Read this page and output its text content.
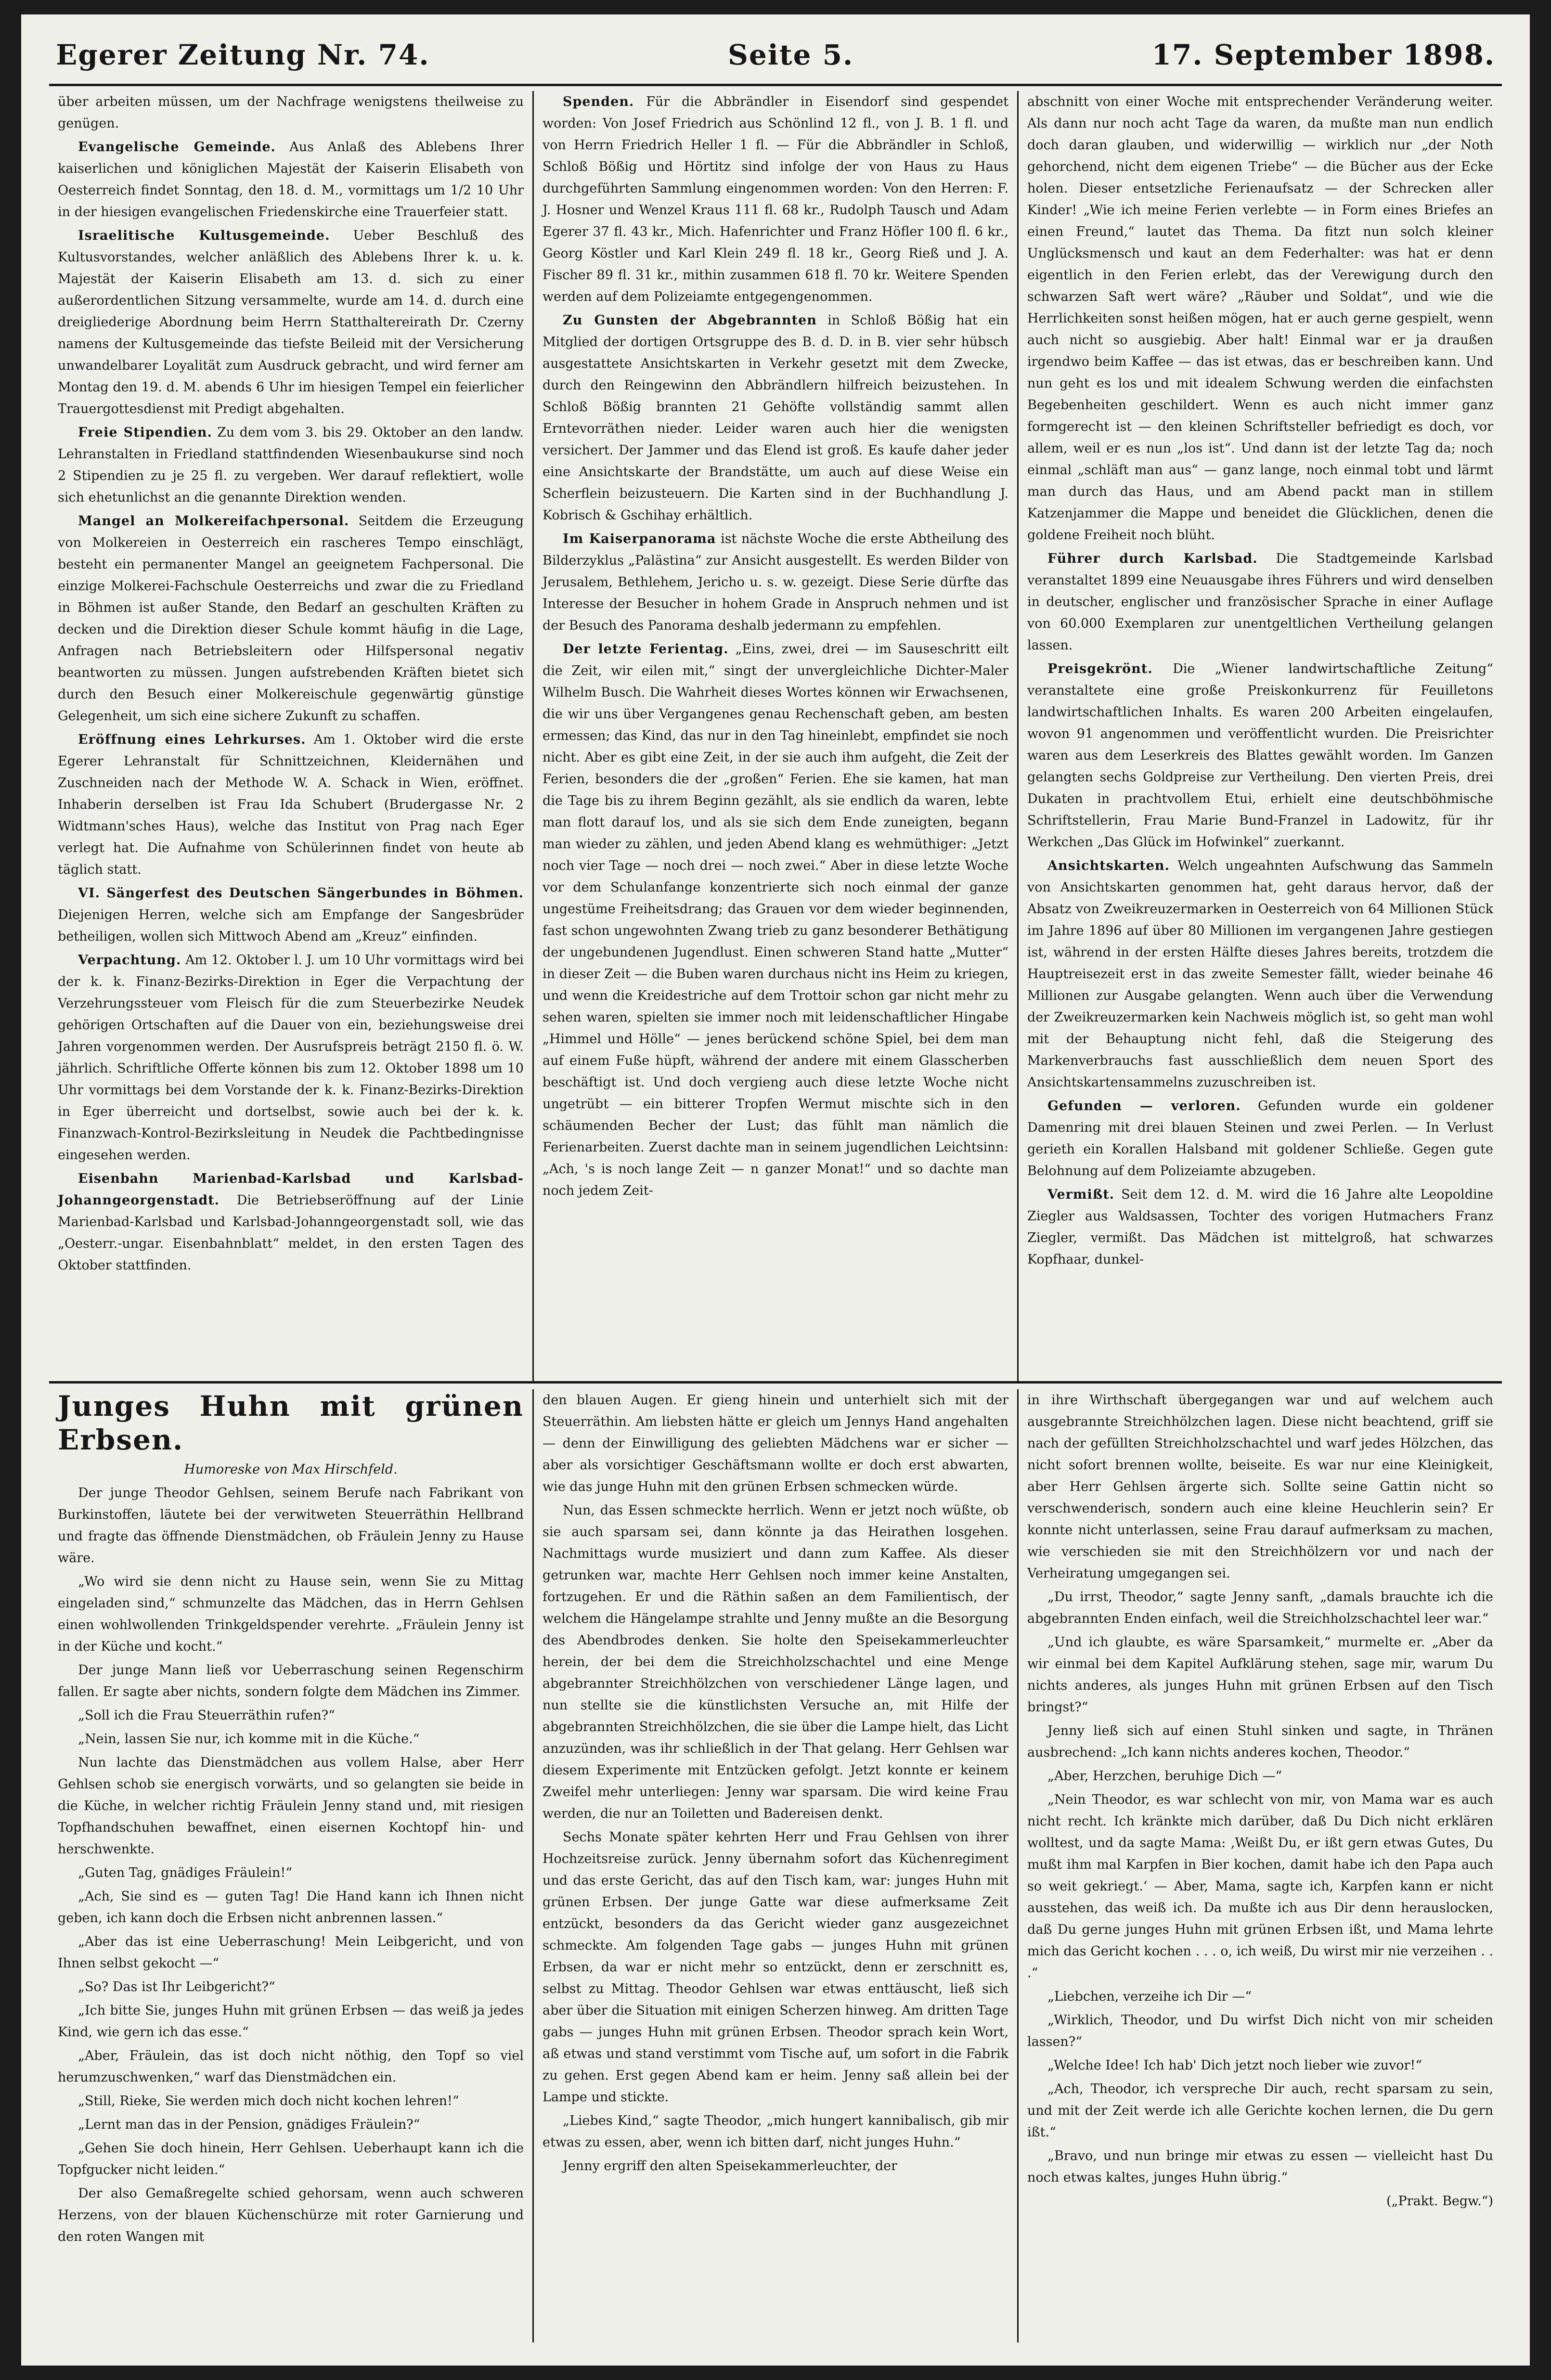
Egerer Zeitung Nr. 74.	Seite 5.	17. September 1898.

über arbeiten müssen, um der Nachfrage wenigstens theilweise zu genügen.

Evangelische Gemeinde. Aus Anlaß des Ablebens Ihrer kaiserlichen und königlichen Majestät der Kaiserin Elisabeth von Oesterreich findet Sonntag, den 18. d. M., vormittags um 1/2 10 Uhr in der hiesigen evangelischen Friedenskirche eine Trauerfeier statt.

Israelitische Kultusgemeinde. Ueber Beschluß des Kultusvorstandes, welcher anläßlich des Ablebens Ihrer k. u. k. Majestät der Kaiserin Elisabeth am 13. d. sich zu einer außerordentlichen Sitzung versammelte, wurde am 14. d. durch eine dreigliederige Abordnung beim Herrn Statthaltereirath Dr. Czerny namens der Kultusgemeinde das tiefste Beileid mit der Versicherung unwandelbarer Loyalität zum Ausdruck gebracht, und wird ferner am Montag den 19. d. M. abends 6 Uhr im hiesigen Tempel ein feierlicher Trauergottesdienst mit Predigt abgehalten.

Freie Stipendien. Zu dem vom 3. bis 29. Oktober an den landw. Lehranstalten in Friedland stattfindenden Wiesenbaukurse sind noch 2 Stipendien zu je 25 fl. zu vergeben. Wer darauf reflektiert, wolle sich ehetunlichst an die genannte Direktion wenden.

Mangel an Molkereifachpersonal. Seitdem die Erzeugung von Molkereien in Oesterreich ein rascheres Tempo einschlägt, besteht ein permanenter Mangel an geeignetem Fachpersonal. Die einzige Molkerei-Fachschule Oesterreichs und zwar die zu Friedland in Böhmen ist außer Stande, den Bedarf an geschulten Kräften zu decken und die Direktion dieser Schule kommt häufig in die Lage, Anfragen nach Betriebsleitern oder Hilfspersonal negativ beantworten zu müssen. Jungen aufstrebenden Kräften bietet sich durch den Besuch einer Molkereischule gegenwärtig günstige Gelegenheit, um sich eine sichere Zukunft zu schaffen.

Eröffnung eines Lehrkurses. Am 1. Oktober wird die erste Egerer Lehranstalt für Schnittzeichnen, Kleidernähen und Zuschneiden nach der Methode W. A. Schack in Wien, eröffnet. Inhaberin derselben ist Frau Ida Schubert (Brudergasse Nr. 2 Widtmann'sches Haus), welche das Institut von Prag nach Eger verlegt hat. Die Aufnahme von Schülerinnen findet von heute ab täglich statt.

VI. Sängerfest des Deutschen Sängerbundes in Böhmen. Diejenigen Herren, welche sich am Empfange der Sangesbrüder betheiligen, wollen sich Mittwoch Abend am „Kreuz“ einfinden.

Verpachtung. Am 12. Oktober l. J. um 10 Uhr vormittags wird bei der k. k. Finanz-Bezirks-Direktion in Eger die Verpachtung der Verzehrungssteuer vom Fleisch für die zum Steuerbezirke Neudek gehörigen Ortschaften auf die Dauer von ein, beziehungsweise drei Jahren vorgenommen werden. Der Ausrufspreis beträgt 2150 fl. ö. W. jährlich. Schriftliche Offerte können bis zum 12. Oktober 1898 um 10 Uhr vormittags bei dem Vorstande der k. k. Finanz-Bezirks-Direktion in Eger überreicht und dortselbst, sowie auch bei der k. k. Finanzwach-Kontrol-Bezirksleitung in Neudek die Pachtbedingnisse eingesehen werden.

Eisenbahn Marienbad-Karlsbad und Karlsbad-Johanngeorgenstadt. Die Betriebseröffnung auf der Linie Marienbad-Karlsbad und Karlsbad-Johanngeorgenstadt soll, wie das „Oesterr.-ungar. Eisenbahnblatt“ meldet, in den ersten Tagen des Oktober stattfinden.

Spenden. Für die Abbrändler in Eisendorf sind gespendet worden: Von Josef Friedrich aus Schönlind 12 fl., von J. B. 1 fl. und von Herrn Friedrich Heller 1 fl. — Für die Abbrändler in Schloß, Schloß Bößig und Hörtitz sind infolge der von Haus zu Haus durchgeführten Sammlung eingenommen worden: Von den Herren: F. J. Hosner und Wenzel Kraus 111 fl. 68 kr., Rudolph Tausch und Adam Egerer 37 fl. 43 kr., Mich. Hafenrichter und Franz Höfler 100 fl. 6 kr., Georg Köstler und Karl Klein 249 fl. 18 kr., Georg Rieß und J. A. Fischer 89 fl. 31 kr., mithin zusammen 618 fl. 70 kr. Weitere Spenden werden auf dem Polizeiamte entgegengenommen.

Zu Gunsten der Abgebrannten in Schloß Bößig hat ein Mitglied der dortigen Ortsgruppe des B. d. D. in B. vier sehr hübsch ausgestattete Ansichtskarten in Verkehr gesetzt mit dem Zwecke, durch den Reingewinn den Abbrändlern hilfreich beizustehen. In Schloß Bößig brannten 21 Gehöfte vollständig sammt allen Erntevorräthen nieder. Leider waren auch hier die wenigsten versichert. Der Jammer und das Elend ist groß. Es kaufe daher jeder eine Ansichtskarte der Brandstätte, um auch auf diese Weise ein Scherflein beizusteuern. Die Karten sind in der Buchhandlung J. Kobrisch & Gschihay erhältlich.

Im Kaiserpanorama ist nächste Woche die erste Abtheilung des Bilderzyklus „Palästina“ zur Ansicht ausgestellt. Es werden Bilder von Jerusalem, Bethlehem, Jericho u. s. w. gezeigt. Diese Serie dürfte das Interesse der Besucher in hohem Grade in Anspruch nehmen und ist der Besuch des Panorama deshalb jedermann zu empfehlen.

Der letzte Ferientag. „Eins, zwei, drei — im Sauseschritt eilt die Zeit, wir eilen mit,“ singt der unvergleichliche Dichter-Maler Wilhelm Busch. Die Wahrheit dieses Wortes können wir Erwachsenen, die wir uns über Vergangenes genau Rechenschaft geben, am besten ermessen; das Kind, das nur in den Tag hineinlebt, empfindet sie noch nicht. Aber es gibt eine Zeit, in der sie auch ihm aufgeht, die Zeit der Ferien, besonders die der „großen“ Ferien. Ehe sie kamen, hat man die Tage bis zu ihrem Beginn gezählt, als sie endlich da waren, lebte man flott darauf los, und als sie sich dem Ende zuneigten, begann man wieder zu zählen, und jeden Abend klang es wehmüthiger: „Jetzt noch vier Tage — noch drei — noch zwei.“ Aber in diese letzte Woche vor dem Schulanfange konzentrierte sich noch einmal der ganze ungestüme Freiheitsdrang; das Grauen vor dem wieder beginnenden, fast schon ungewohnten Zwang trieb zu ganz besonderer Bethätigung der ungebundenen Jugendlust. Einen schweren Stand hatte „Mutter“ in dieser Zeit — die Buben waren durchaus nicht ins Heim zu kriegen, und wenn die Kreidestriche auf dem Trottoir schon gar nicht mehr zu sehen waren, spielten sie immer noch mit leidenschaftlicher Hingabe „Himmel und Hölle“ — jenes berückend schöne Spiel, bei dem man auf einem Fuße hüpft, während der andere mit einem Glasscherben beschäftigt ist. Und doch vergieng auch diese letzte Woche nicht ungetrübt — ein bitterer Tropfen Wermut mischte sich in den schäumenden Becher der Lust; das fühlt man nämlich die Ferienarbeiten. Zuerst dachte man in seinem jugendlichen Leichtsinn: „Ach, 's is noch lange Zeit — n ganzer Monat!“ und so dachte man noch jedem Zeit-

abschnitt von einer Woche mit entsprechender Veränderung weiter. Als dann nur noch acht Tage da waren, da mußte man nun endlich doch daran glauben, und widerwillig — wirklich nur „der Noth gehorchend, nicht dem eigenen Triebe“ — die Bücher aus der Ecke holen. Dieser entsetzliche Ferienaufsatz — der Schrecken aller Kinder! „Wie ich meine Ferien verlebte — in Form eines Briefes an einen Freund,“ lautet das Thema. Da fitzt nun solch kleiner Unglücksmensch und kaut an dem Federhalter: was hat er denn eigentlich in den Ferien erlebt, das der Verewigung durch den schwarzen Saft wert wäre? „Räuber und Soldat“, und wie die Herrlichkeiten sonst heißen mögen, hat er auch gerne gespielt, wenn auch nicht so ausgiebig. Aber halt! Einmal war er ja draußen irgendwo beim Kaffee — das ist etwas, das er beschreiben kann. Und nun geht es los und mit idealem Schwung werden die einfachsten Begebenheiten geschildert. Wenn es auch nicht immer ganz formgerecht ist — den kleinen Schriftsteller befriedigt es doch, vor allem, weil er es nun „los ist“. Und dann ist der letzte Tag da; noch einmal „schläft man aus“ — ganz lange, noch einmal tobt und lärmt man durch das Haus, und am Abend packt man in stillem Katzenjammer die Mappe und beneidet die Glücklichen, denen die goldene Freiheit noch blüht.

Führer durch Karlsbad. Die Stadtgemeinde Karlsbad veranstaltet 1899 eine Neuausgabe ihres Führers und wird denselben in deutscher, englischer und französischer Sprache in einer Auflage von 60.000 Exemplaren zur unentgeltlichen Vertheilung gelangen lassen.

Preisgekrönt. Die „Wiener landwirtschaftliche Zeitung“ veranstaltete eine große Preiskonkurrenz für Feuilletons landwirtschaftlichen Inhalts. Es waren 200 Arbeiten eingelaufen, wovon 91 angenommen und veröffentlicht wurden. Die Preisrichter waren aus dem Leserkreis des Blattes gewählt worden. Im Ganzen gelangten sechs Goldpreise zur Vertheilung. Den vierten Preis, drei Dukaten in prachtvollem Etui, erhielt eine deutschböhmische Schriftstellerin, Frau Marie Bund-Franzel in Ladowitz, für ihr Werkchen „Das Glück im Hofwinkel“ zuerkannt.

Ansichtskarten. Welch ungeahnten Aufschwung das Sammeln von Ansichtskarten genommen hat, geht daraus hervor, daß der Absatz von Zweikreuzermarken in Oesterreich von 64 Millionen Stück im Jahre 1896 auf über 80 Millionen im vergangenen Jahre gestiegen ist, während in der ersten Hälfte dieses Jahres bereits, trotzdem die Hauptreisezeit erst in das zweite Semester fällt, wieder beinahe 46 Millionen zur Ausgabe gelangten. Wenn auch über die Verwendung der Zweikreuzermarken kein Nachweis möglich ist, so geht man wohl mit der Behauptung nicht fehl, daß die Steigerung des Markenverbrauchs fast ausschließlich dem neuen Sport des Ansichtskartensammelns zuzuschreiben ist.

Gefunden — verloren. Gefunden wurde ein goldener Damenring mit drei blauen Steinen und zwei Perlen. — In Verlust gerieth ein Korallen Halsband mit goldener Schließe. Gegen gute Belohnung auf dem Polizeiamte abzugeben.

Vermißt. Seit dem 12. d. M. wird die 16 Jahre alte Leopoldine Ziegler aus Waldsassen, Tochter des vorigen Hutmachers Franz Ziegler, vermißt. Das Mädchen ist mittelgroß, hat schwarzes Kopfhaar, dunkel-

Junges Huhn mit grünen Erbsen.

Humoreske von Max Hirschfeld.

Der junge Theodor Gehlsen, seinem Berufe nach Fabrikant von Burkinstoffen, läutete bei der verwitweten Steuerräthin Hellbrand und fragte das öffnende Dienstmädchen, ob Fräulein Jenny zu Hause wäre.

„Wo wird sie denn nicht zu Hause sein, wenn Sie zu Mittag eingeladen sind,“ schmunzelte das Mädchen, das in Herrn Gehlsen einen wohlwollenden Trinkgeldspender verehrte. „Fräulein Jenny ist in der Küche und kocht.“

Der junge Mann ließ vor Ueberraschung seinen Regenschirm fallen. Er sagte aber nichts, sondern folgte dem Mädchen ins Zimmer.

„Soll ich die Frau Steuerräthin rufen?“

„Nein, lassen Sie nur, ich komme mit in die Küche.“

Nun lachte das Dienstmädchen aus vollem Halse, aber Herr Gehlsen schob sie energisch vorwärts, und so gelangten sie beide in die Küche, in welcher richtig Fräulein Jenny stand und, mit riesigen Topfhandschuhen bewaffnet, einen eisernen Kochtopf hin- und herschwenkte.

„Guten Tag, gnädiges Fräulein!“

„Ach, Sie sind es — guten Tag! Die Hand kann ich Ihnen nicht geben, ich kann doch die Erbsen nicht anbrennen lassen.“

„Aber das ist eine Ueberraschung! Mein Leibgericht, und von Ihnen selbst gekocht —“

„So? Das ist Ihr Leibgericht?“

„Ich bitte Sie, junges Huhn mit grünen Erbsen — das weiß ja jedes Kind, wie gern ich das esse.“

„Aber, Fräulein, das ist doch nicht nöthig, den Topf so viel herumzuschwenken,“ warf das Dienstmädchen ein.

„Still, Rieke, Sie werden mich doch nicht kochen lehren!“

„Lernt man das in der Pension, gnädiges Fräulein?“

„Gehen Sie doch hinein, Herr Gehlsen. Ueberhaupt kann ich die Topfgucker nicht leiden.“

Der also Gemaßregelte schied gehorsam, wenn auch schweren Herzens, von der blauen Küchenschürze mit roter Garnierung und den roten Wangen mit

den blauen Augen. Er gieng hinein und unterhielt sich mit der Steuerräthin. Am liebsten hätte er gleich um Jennys Hand angehalten — denn der Einwilligung des geliebten Mädchens war er sicher — aber als vorsichtiger Geschäftsmann wollte er doch erst abwarten, wie das junge Huhn mit den grünen Erbsen schmecken würde.

Nun, das Essen schmeckte herrlich. Wenn er jetzt noch wüßte, ob sie auch sparsam sei, dann könnte ja das Heirathen losgehen. Nachmittags wurde musiziert und dann zum Kaffee. Als dieser getrunken war, machte Herr Gehlsen noch immer keine Anstalten, fortzugehen. Er und die Räthin saßen an dem Familientisch, der welchem die Hängelampe strahlte und Jenny mußte an die Besorgung des Abendbrodes denken. Sie holte den Speisekammerleuchter herein, der bei dem die Streichholzschachtel und eine Menge abgebrannter Streichhölzchen von verschiedener Länge lagen, und nun stellte sie die künstlichsten Versuche an, mit Hilfe der abgebrannten Streichhölzchen, die sie über die Lampe hielt, das Licht anzuzünden, was ihr schließlich in der That gelang. Herr Gehlsen war diesem Experimente mit Entzücken gefolgt. Jetzt konnte er keinem Zweifel mehr unterliegen: Jenny war sparsam. Die wird keine Frau werden, die nur an Toiletten und Badereisen denkt.

Sechs Monate später kehrten Herr und Frau Gehlsen von ihrer Hochzeitsreise zurück. Jenny übernahm sofort das Küchenregiment und das erste Gericht, das auf den Tisch kam, war: junges Huhn mit grünen Erbsen. Der junge Gatte war diese aufmerksame Zeit entzückt, besonders da das Gericht wieder ganz ausgezeichnet schmeckte. Am folgenden Tage gabs — junges Huhn mit grünen Erbsen, da war er nicht mehr so entzückt, denn er zerschnitt es, selbst zu Mittag. Theodor Gehlsen war etwas enttäuscht, ließ sich aber über die Situation mit einigen Scherzen hinweg. Am dritten Tage gabs — junges Huhn mit grünen Erbsen. Theodor sprach kein Wort, aß etwas und stand verstimmt vom Tische auf, um sofort in die Fabrik zu gehen. Erst gegen Abend kam er heim. Jenny saß allein bei der Lampe und stickte.

„Liebes Kind,“ sagte Theodor, „mich hungert kannibalisch, gib mir etwas zu essen, aber, wenn ich bitten darf, nicht junges Huhn.“

Jenny ergriff den alten Speisekammerleuchter, der

in ihre Wirthschaft übergegangen war und auf welchem auch ausgebrannte Streichhölzchen lagen. Diese nicht beachtend, griff sie nach der gefüllten Streichholzschachtel und warf jedes Hölzchen, das nicht sofort brennen wollte, beiseite. Es war nur eine Kleinigkeit, aber Herr Gehlsen ärgerte sich. Sollte seine Gattin nicht so verschwenderisch, sondern auch eine kleine Heuchlerin sein? Er konnte nicht unterlassen, seine Frau darauf aufmerksam zu machen, wie verschieden sie mit den Streichhölzern vor und nach der Verheiratung umgegangen sei.

„Du irrst, Theodor,“ sagte Jenny sanft, „damals brauchte ich die abgebrannten Enden einfach, weil die Streichholzschachtel leer war.“

„Und ich glaubte, es wäre Sparsamkeit,“ murmelte er. „Aber da wir einmal bei dem Kapitel Aufklärung stehen, sage mir, warum Du nichts anderes, als junges Huhn mit grünen Erbsen auf den Tisch bringst?“

Jenny ließ sich auf einen Stuhl sinken und sagte, in Thränen ausbrechend: „Ich kann nichts anderes kochen, Theodor.“

„Aber, Herzchen, beruhige Dich —“

„Nein Theodor, es war schlecht von mir, von Mama war es auch nicht recht. Ich kränkte mich darüber, daß Du Dich nicht erklären wolltest, und da sagte Mama: ‚Weißt Du, er ißt gern etwas Gutes, Du mußt ihm mal Karpfen in Bier kochen, damit habe ich den Papa auch so weit gekriegt.‘ — Aber, Mama, sagte ich, Karpfen kann er nicht ausstehen, das weiß ich. Da mußte ich aus Dir denn herauslocken, daß Du gerne junges Huhn mit grünen Erbsen ißt, und Mama lehrte mich das Gericht kochen . . . o, ich weiß, Du wirst mir nie verzeihen . . .“

„Liebchen, verzeihe ich Dir —“

„Wirklich, Theodor, und Du wirfst Dich nicht von mir scheiden lassen?“

„Welche Idee! Ich hab' Dich jetzt noch lieber wie zuvor!“

„Ach, Theodor, ich verspreche Dir auch, recht sparsam zu sein, und mit der Zeit werde ich alle Gerichte kochen lernen, die Du gern ißt.“

„Bravo, und nun bringe mir etwas zu essen — vielleicht hast Du noch etwas kaltes, junges Huhn übrig.“

(„Prakt. Begw.“)
